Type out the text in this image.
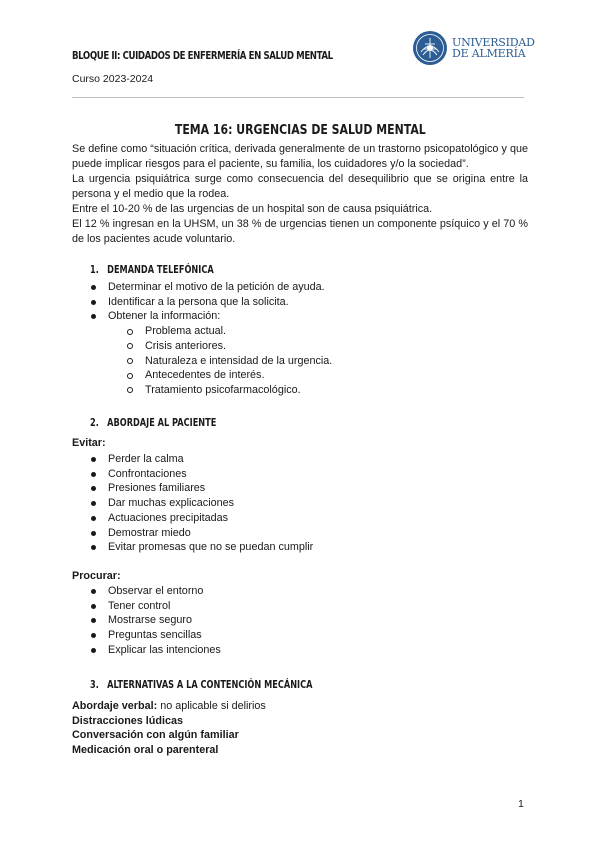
BLOQUE II: CUIDADOS DE ENFERMERÍA EN SALUD MENTAL
Curso 2023-2024
UNIVERSIDAD
DE ALMERÍA
TEMA 16: URGENCIAS DE SALUD MENTAL

Se define como “situación crítica, derivada generalmente de un trastorno psicopatológico y que puede implicar riesgos para el paciente, su familia, los cuidadores y/o la sociedad”.

La urgencia psiquiátrica surge como consecuencia del desequilibrio que se origina entre la persona y el medio que la rodea.

Entre el 10-20 % de las urgencias de un hospital son de causa psiquiátrica.

El 12 % ingresan en la UHSM, un 38 % de urgencias tienen un componente psíquico y el 70 % de los pacientes acude voluntario.

1. DEMANDA TELEFÓNICA
Determinar el motivo de la petición de ayuda.
Identificar a la persona que la solicita.
Obtener la información:
Problema actual.
Crisis anteriores.
Naturaleza e intensidad de la urgencia.
Antecedentes de interés.
Tratamiento psicofarmacológico.
2. ABORDAJE AL PACIENTE
Evitar:
Perder la calma
Confrontaciones
Presiones familiares
Dar muchas explicaciones
Actuaciones precipitadas
Demostrar miedo
Evitar promesas que no se puedan cumplir
Procurar:
Observar el entorno
Tener control
Mostrarse seguro
Preguntas sencillas
Explicar las intenciones
3. ALTERNATIVAS A LA CONTENCIÓN MECÁNICA
Abordaje verbal: no aplicable si delirios
Distracciones lúdicas
Conversación con algún familiar
Medicación oral o parenteral
1
